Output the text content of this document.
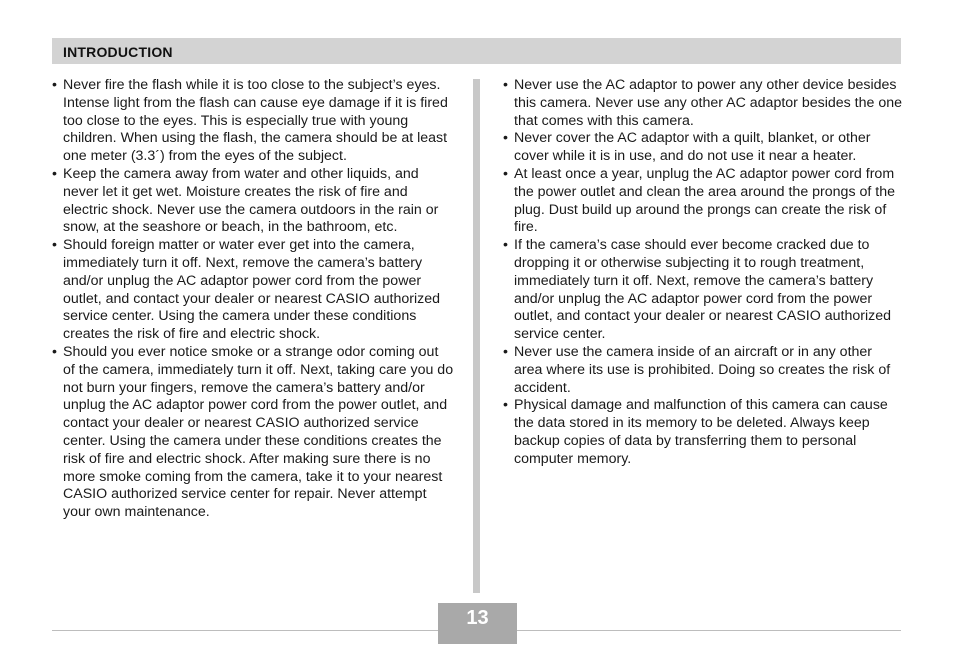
INTRODUCTION
• Never fire the flash while it is too close to the subject’s eyes. Intense light from the flash can cause eye damage if it is fired too close to the eyes. This is especially true with young children. When using the flash, the camera should be at least one meter (3.3´) from the eyes of the subject.
• Keep the camera away from water and other liquids, and never let it get wet. Moisture creates the risk of fire and electric shock. Never use the camera outdoors in the rain or snow, at the seashore or beach, in the bathroom, etc.
• Should foreign matter or water ever get into the camera, immediately turn it off. Next, remove the camera’s battery and/or unplug the AC adaptor power cord from the power outlet, and contact your dealer or nearest CASIO authorized service center. Using the camera under these conditions creates the risk of fire and electric shock.
• Should you ever notice smoke or a strange odor coming out of the camera, immediately turn it off. Next, taking care you do not burn your fingers, remove the camera’s battery and/or unplug the AC adaptor power cord from the power outlet, and contact your dealer or nearest CASIO authorized service center. Using the camera under these conditions creates the risk of fire and electric shock. After making sure there is no more smoke coming from the camera, take it to your nearest CASIO authorized service center for repair. Never attempt your own maintenance.
• Never use the AC adaptor to power any other device besides this camera. Never use any other AC adaptor besides the one that comes with this camera.
• Never cover the AC adaptor with a quilt, blanket, or other cover while it is in use, and do not use it near a heater.
• At least once a year, unplug the AC adaptor power cord from the power outlet and clean the area around the prongs of the plug. Dust build up around the prongs can create the risk of fire.
• If the camera’s case should ever become cracked due to dropping it or otherwise subjecting it to rough treatment, immediately turn it off. Next, remove the camera’s battery and/or unplug the AC adaptor power cord from the power outlet, and contact your dealer or nearest CASIO authorized service center.
• Never use the camera inside of an aircraft or in any other area where its use is prohibited. Doing so creates the risk of accident.
• Physical damage and malfunction of this camera can cause the data stored in its memory to be deleted. Always keep backup copies of data by transferring them to personal computer memory.
13
